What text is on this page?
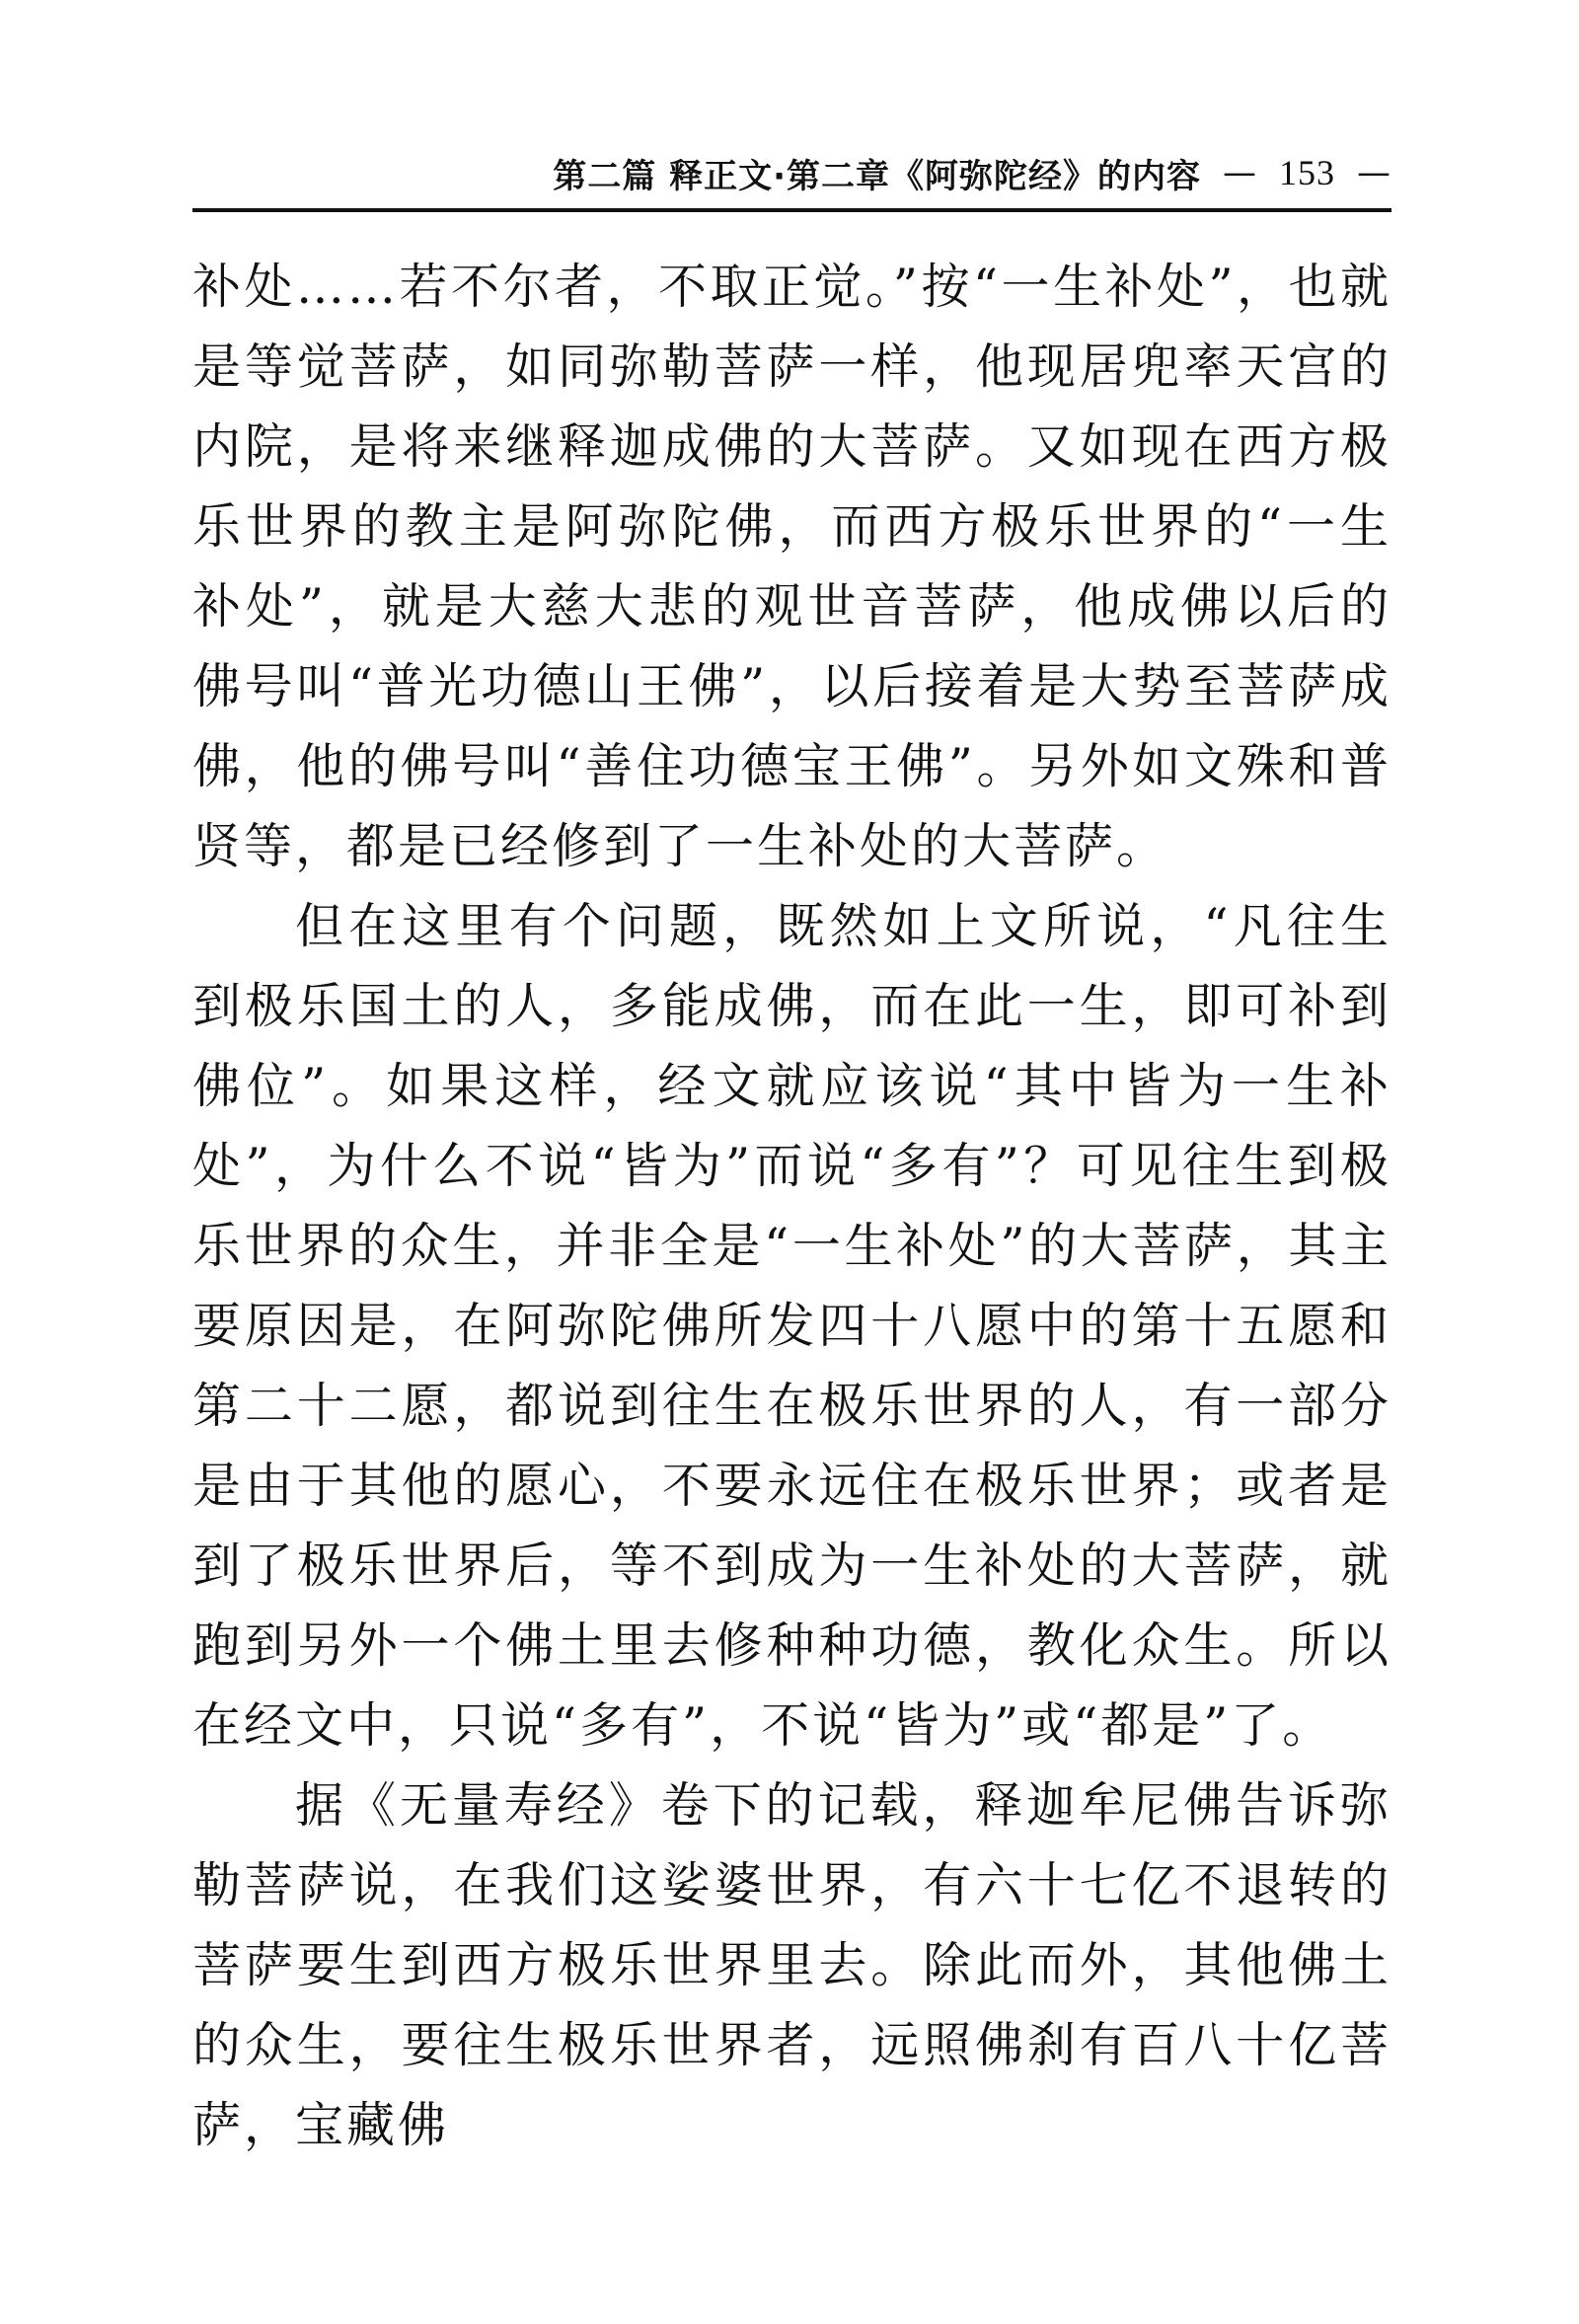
第二篇 释正文·第二章《阿弥陀经》的内容 — 153 —

补处……若不尔者，不取正觉。”按“一生补处”，也就是等觉菩萨，如同弥勒菩萨一样，他现居兜率天宫的内院，是将来继释迦成佛的大菩萨。又如现在西方极乐世界的教主是阿弥陀佛，而西方极乐世界的“一生补处”，就是大慈大悲的观世音菩萨，他成佛以后的佛号叫“普光功德山王佛”，以后接着是大势至菩萨成佛，他的佛号叫“善住功德宝王佛”。另外如文殊和普贤等，都是已经修到了一生补处的大菩萨。

但在这里有个问题，既然如上文所说，“凡往生到极乐国土的人，多能成佛，而在此一生，即可补到佛位”。如果这样，经文就应该说“其中皆为一生补处”，为什么不说“皆为”而说“多有”？可见往生到极乐世界的众生，并非全是“一生补处”的大菩萨，其主要原因是，在阿弥陀佛所发四十八愿中的第十五愿和第二十二愿，都说到往生在极乐世界的人，有一部分是由于其他的愿心，不要永远住在极乐世界；或者是到了极乐世界后，等不到成为一生补处的大菩萨，就跑到另外一个佛土里去修种种功德，教化众生。所以在经文中，只说“多有”，不说“皆为”或“都是”了。

据《无量寿经》卷下的记载，释迦牟尼佛告诉弥勒菩萨说，在我们这娑婆世界，有六十七亿不退转的菩萨要生到西方极乐世界里去。除此而外，其他佛土的众生，要往生极乐世界者，远照佛刹有百八十亿菩萨，宝藏佛
